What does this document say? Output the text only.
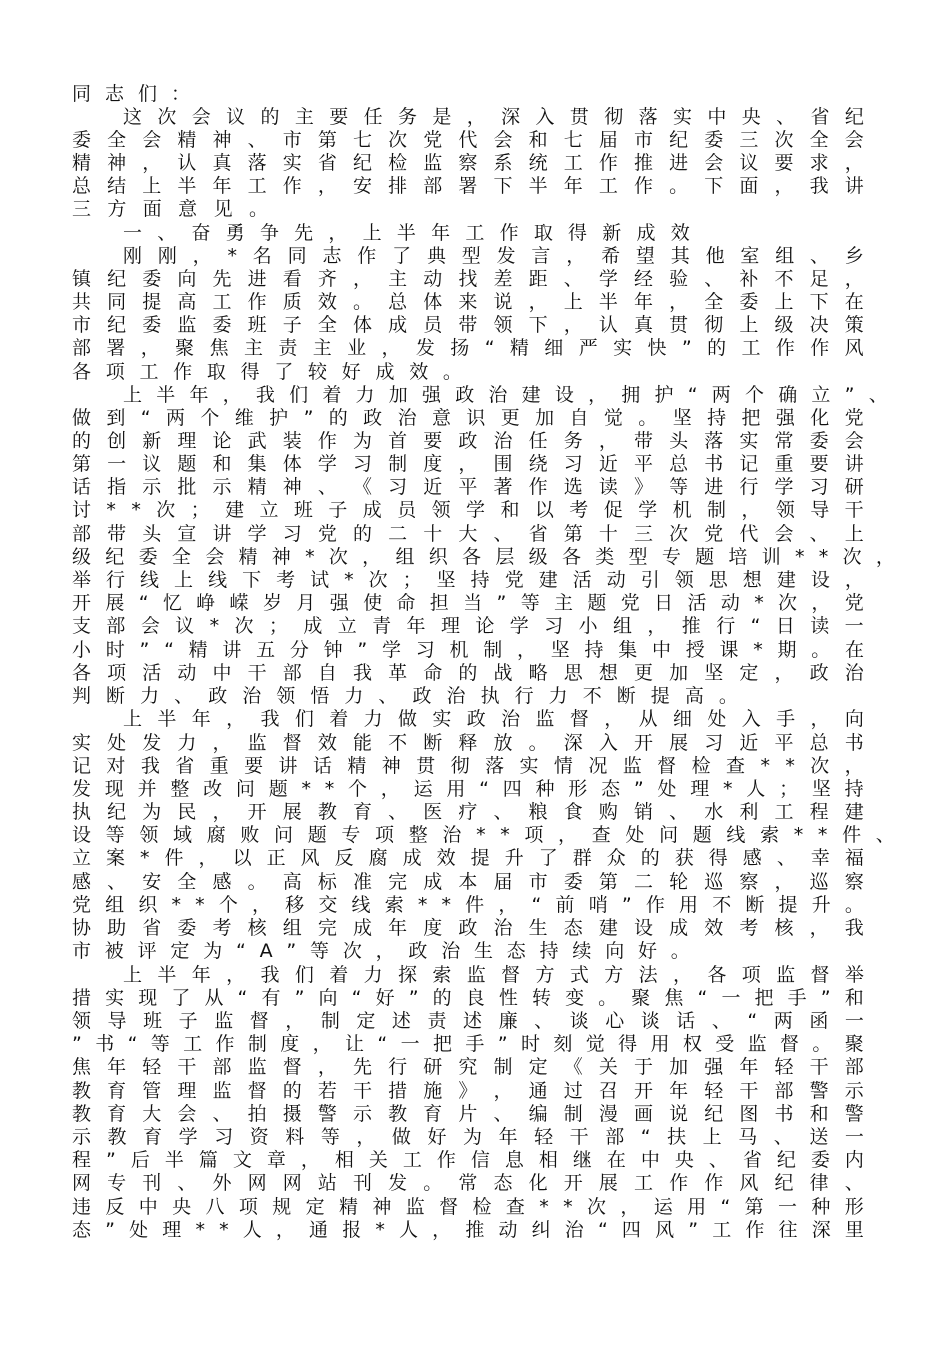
同 志 们 ：
这 次 会 议 的 主 要 任 务 是 ， 深 入 贯 彻 落 实 中 央 、 省 纪
委 全 会 精 神 、 市 第 七 次 党 代 会 和 七 届 市 纪 委 三 次 全 会
精 神 ， 认 真 落 实 省 纪 检 监 察 系 统 工 作 推 进 会 议 要 求 ，
总 结 上 半 年 工 作 ， 安 排 部 署 下 半 年 工 作 。 下 面 ， 我 讲
三 方 面 意 见 。
一 、 奋 勇 争 先 ， 上 半 年 工 作 取 得 新 成 效
刚 刚 ， * 名 同 志 作 了 典 型 发 言 ， 希 望 其 他 室 组 、 乡
镇 纪 委 向 先 进 看 齐 ， 主 动 找 差 距 、 学 经 验 、 补 不 足 ，
共 同 提 高 工 作 质 效 。 总 体 来 说 ， 上 半 年 ， 全 委 上 下 在
市 纪 委 监 委 班 子 全 体 成 员 带 领 下 ， 认 真 贯 彻 上 级 决 策
部 署 ， 聚 焦 主 责 主 业 ， 发 扬 “ 精 细 严 实 快 ” 的 工 作 作 风
各 项 工 作 取 得 了 较 好 成 效 。
上 半 年 ， 我 们 着 力 加 强 政 治 建 设 ， 拥 护 “ 两 个 确 立 ” 、
做 到 “ 两 个 维 护 ” 的 政 治 意 识 更 加 自 觉 。 坚 持 把 强 化 党
的 创 新 理 论 武 装 作 为 首 要 政 治 任 务 ， 带 头 落 实 常 委 会
第 一 议 题 和 集 体 学 习 制 度 ， 围 绕 习 近 平 总 书 记 重 要 讲
话 指 示 批 示 精 神 、 《 习 近 平 著 作 选 读 》 等 进 行 学 习 研
讨 * * 次 ； 建 立 班 子 成 员 领 学 和 以 考 促 学 机 制 ， 领 导 干
部 带 头 宣 讲 学 习 党 的 二 十 大 、 省 第 十 三 次 党 代 会 、 上
级 纪 委 全 会 精 神 * 次 ， 组 织 各 层 级 各 类 型 专 题 培 训 * * 次 ，
举 行 线 上 线 下 考 试 * 次 ； 坚 持 党 建 活 动 引 领 思 想 建 设 ，
开 展 “ 忆 峥 嵘 岁 月 强 使 命 担 当 ” 等 主 题 党 日 活 动 * 次 ， 党
支 部 会 议 * 次 ； 成 立 青 年 理 论 学 习 小 组 ， 推 行 “ 日 读 一
小 时 ” “ 精 讲 五 分 钟 ” 学 习 机 制 ， 坚 持 集 中 授 课 * 期 。 在
各 项 活 动 中 干 部 自 我 革 命 的 战 略 思 想 更 加 坚 定 ， 政 治
判 断 力 、 政 治 领 悟 力 、 政 治 执 行 力 不 断 提 高 。
上 半 年 ， 我 们 着 力 做 实 政 治 监 督 ， 从 细 处 入 手 ， 向
实 处 发 力 ， 监 督 效 能 不 断 释 放 。 深 入 开 展 习 近 平 总 书
记 对 我 省 重 要 讲 话 精 神 贯 彻 落 实 情 况 监 督 检 查 * * 次 ，
发 现 并 整 改 问 题 * * 个 ， 运 用 “ 四 种 形 态 ” 处 理 * 人 ； 坚 持
执 纪 为 民 ， 开 展 教 育 、 医 疗 、 粮 食 购 销 、 水 利 工 程 建
设 等 领 域 腐 败 问 题 专 项 整 治 * * 项 ， 查 处 问 题 线 索 * * 件 、
立 案 * 件 ， 以 正 风 反 腐 成 效 提 升 了 群 众 的 获 得 感 、 幸 福
感 、 安 全 感 。 高 标 准 完 成 本 届 市 委 第 二 轮 巡 察 ， 巡 察
党 组 织 * * 个 ， 移 交 线 索 * * 件 ， “ 前 哨 ” 作 用 不 断 提 升 。
协 助 省 委 考 核 组 完 成 年 度 政 治 生 态 建 设 成 效 考 核 ， 我
市 被 评 定 为 “ A ” 等 次 ， 政 治 生 态 持 续 向 好 。
上 半 年 ， 我 们 着 力 探 索 监 督 方 式 方 法 ， 各 项 监 督 举
措 实 现 了 从 “ 有 ” 向 “ 好 ” 的 良 性 转 变 。 聚 焦 “ 一 把 手 ” 和
领 导 班 子 监 督 ， 制 定 述 责 述 廉 、 谈 心 谈 话 、 “ 两 函 一
” 书 “ 等 工 作 制 度 ， 让 “ 一 把 手 ” 时 刻 觉 得 用 权 受 监 督 。 聚
焦 年 轻 干 部 监 督 ， 先 行 研 究 制 定 《 关 于 加 强 年 轻 干 部
教 育 管 理 监 督 的 若 干 措 施 》 ， 通 过 召 开 年 轻 干 部 警 示
教 育 大 会 、 拍 摄 警 示 教 育 片 、 编 制 漫 画 说 纪 图 书 和 警
示 教 育 学 习 资 料 等 ， 做 好 为 年 轻 干 部 “ 扶 上 马 、 送 一
程 ” 后 半 篇 文 章 ， 相 关 工 作 信 息 相 继 在 中 央 、 省 纪 委 内
网 专 刊 、 外 网 网 站 刊 发 。 常 态 化 开 展 工 作 作 风 纪 律 、
违 反 中 央 八 项 规 定 精 神 监 督 检 查 * * 次 ， 运 用 “ 第 一 种 形
态 ” 处 理 * * 人 ， 通 报 * 人 ， 推 动 纠 治 “ 四 风 ” 工 作 往 深 里
